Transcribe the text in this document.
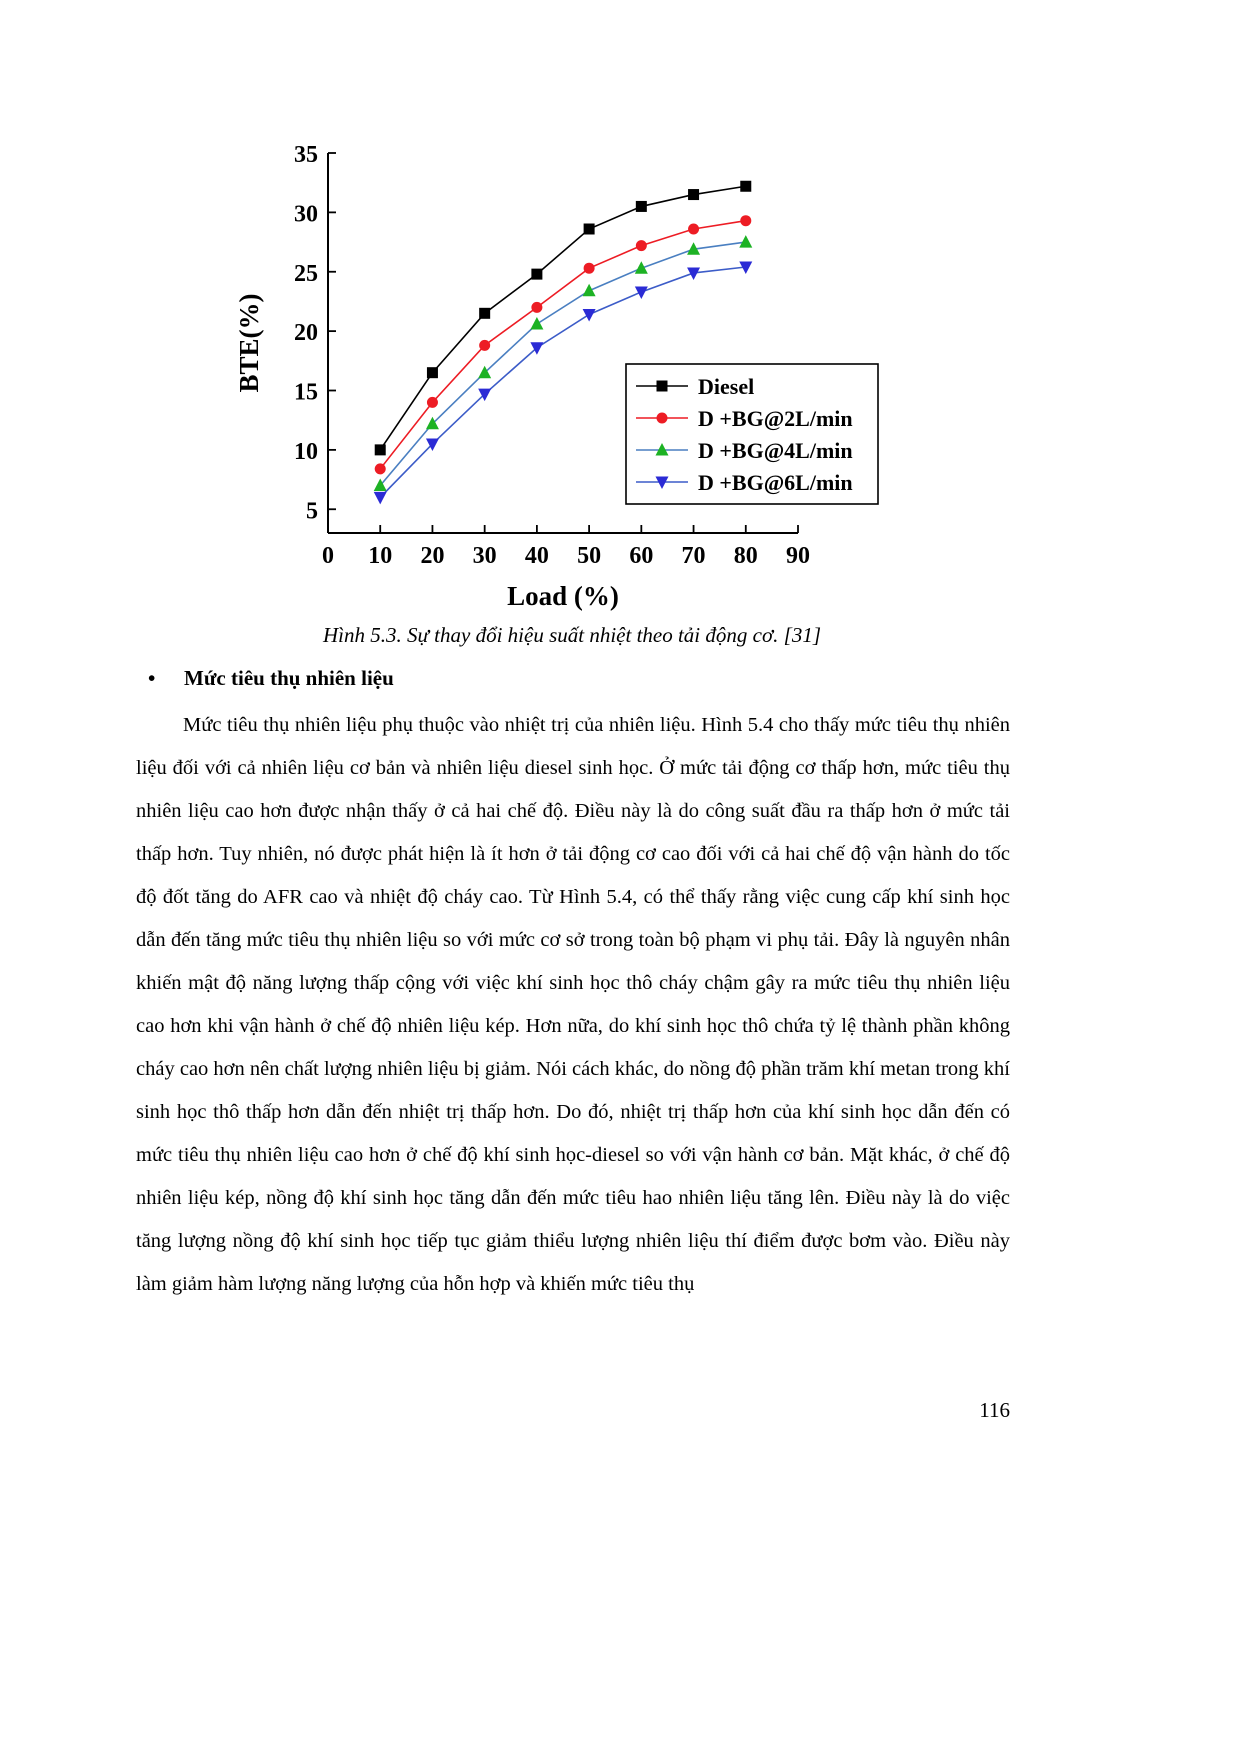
0 10 20 30 40 50 60 70 80 90
5
10
15
20
25
30
35
Load (%)
BTE(%)	Diesel
D +BG@2L/min
D +BG@4L/min
D +BG@6L/min
Hình 5.3. Sự thay đổi hiệu suất nhiệt theo tải động cơ. [31]
• Mức tiêu thụ nhiên liệu
Mức tiêu thụ nhiên liệu phụ thuộc vào nhiệt trị của nhiên liệu. Hình 5.4 cho thấy mức tiêu thụ nhiên liệu đối với cả nhiên liệu cơ bản và nhiên liệu diesel sinh học. Ở mức tải động cơ thấp hơn, mức tiêu thụ nhiên liệu cao hơn được nhận thấy ở cả hai chế độ. Điều này là do công suất đầu ra thấp hơn ở mức tải thấp hơn. Tuy nhiên, nó được phát hiện là ít hơn ở tải động cơ cao đối với cả hai chế độ vận hành do tốc độ đốt tăng do AFR cao và nhiệt độ cháy cao. Từ Hình 5.4, có thể thấy rằng việc cung cấp khí sinh học dẫn đến tăng mức tiêu thụ nhiên liệu so với mức cơ sở trong toàn bộ phạm vi phụ tải. Đây là nguyên nhân khiến mật độ năng lượng thấp cộng với việc khí sinh học thô cháy chậm gây ra mức tiêu thụ nhiên liệu cao hơn khi vận hành ở chế độ nhiên liệu kép. Hơn nữa, do khí sinh học thô chứa tỷ lệ thành phần không cháy cao hơn nên chất lượng nhiên liệu bị giảm. Nói cách khác, do nồng độ phần trăm khí metan trong khí sinh học thô thấp hơn dẫn đến nhiệt trị thấp hơn. Do đó, nhiệt trị thấp hơn của khí sinh học dẫn đến có mức tiêu thụ nhiên liệu cao hơn ở chế độ khí sinh học-diesel so với vận hành cơ bản. Mặt khác, ở chế độ nhiên liệu kép, nồng độ khí sinh học tăng dẫn đến mức tiêu hao nhiên liệu tăng lên. Điều này là do việc tăng lượng nồng độ khí sinh học tiếp tục giảm thiểu lượng nhiên liệu thí điểm được bơm vào. Điều này làm giảm hàm lượng năng lượng của hỗn hợp và khiến mức tiêu thụ
116
